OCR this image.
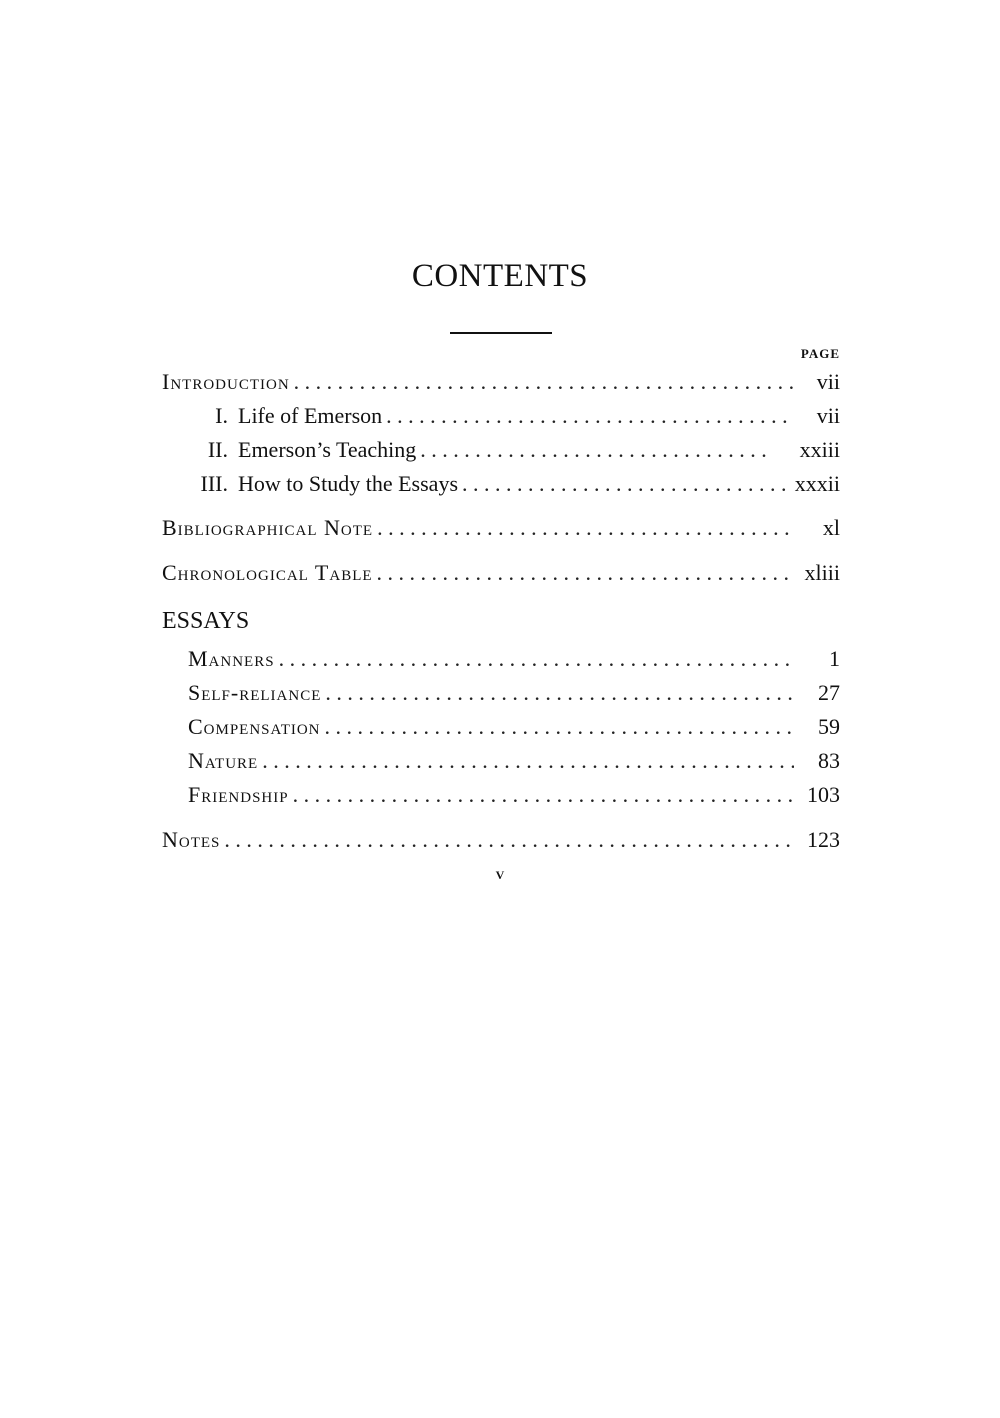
CONTENTS
PAGE
Introduction . . .	vii
I. Life of Emerson . . .	vii
II. Emerson’s Teaching . . .	xxiii
III. How to Study the Essays . . .	xxxii
Bibliographical Note . . .	xl
Chronological Table . . .	xliii
ESSAYS
Manners . . .	1
Self-reliance . . .	27
Compensation . . .	59
Nature . . .	83
Friendship . . .	103
Notes . . .	123
v
